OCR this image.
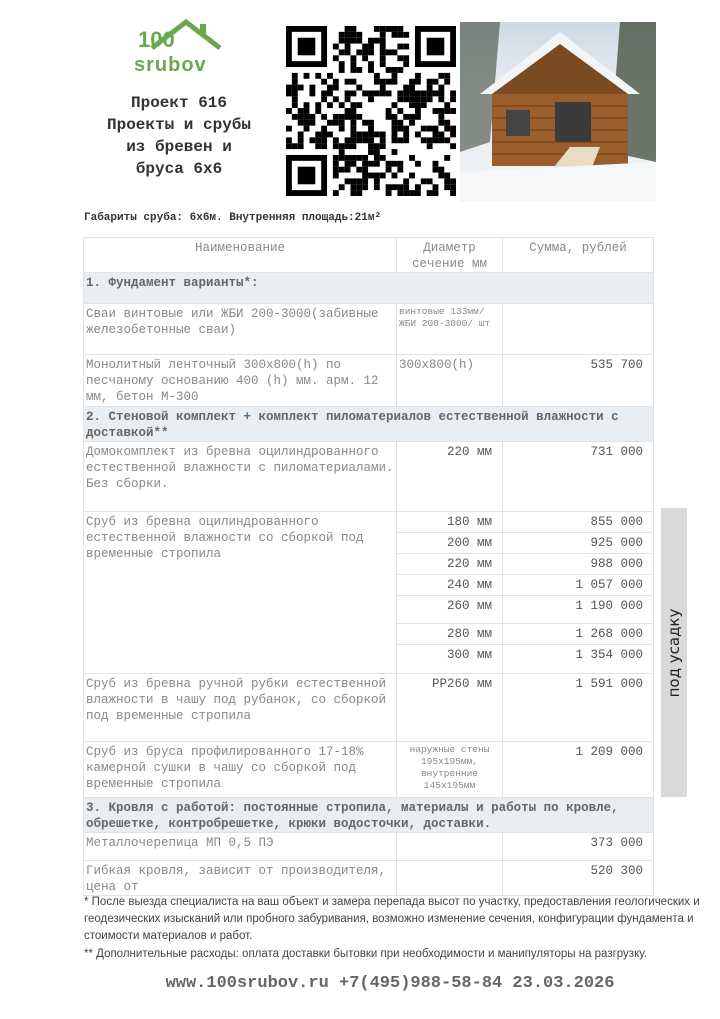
100
srubov
Проект 616
Проекты и срубы
из бревен и
бруса 6х6
Габариты сруба: 6х6м. Внутренняя площадь:21м²
Наименование	Диаметр сечение мм	Сумма, рублей
1. Фундамент варианты*:		
Сваи винтовые или ЖБИ 200-3000(забивные железобетонные сваи)	винтовые 133мм/ЖБИ 200-3000/ шт	
Монолитный ленточный 300х800(h) по песчаному основанию 400 (h) мм. арм. 12 мм, бетон М-300	300х800(h)	535 700
2. Стеновой комплект + комплект пиломатериалов естественной влажности с доставкой**		
Домокомплект из бревна оцилиндрованного естественной влажности с пиломатериалами. Без сборки.	220 мм	731 000
Сруб из бревна оцилиндрованного естественной влажности со сборкой под временные стропила	180 мм	855 000
	200 мм	925 000
	220 мм	988 000
	240 мм	1 057 000
	260 мм	1 190 000
	280 мм	1 268 000
	300 мм	1 354 000
Сруб из бревна ручной рубки естественной влажности в чашу под рубанок, со сборкой под временные стропила	РР260 мм	1 591 000
Сруб из бруса профилированного 17-18% камерной сушки в чашу со сборкой под временные стропила	наружные стены 195х195мм, внутренние 145х195мм	1 209 000
3. Кровля с работой: постоянные стропила, материалы и работы по кровле, обрешетке, контробрешетке, крюки водосточки, доставки.		
Металлочерепица МП 0,5 ПЭ		373 000
Гибкая кровля, зависит от производителя, цена от		520 300
под усадку
* После выезда специалиста на ваш объект и замера перепада высот по участку, предоставления геологических и геодезических изысканий или пробного забуривания, возможно изменение сечения, конфигурации фундамента и стоимости материалов и работ.
** Дополнительные расходы: оплата доставки бытовки при необходимости и манипуляторы на разгрузку.
www.100srubov.ru +7(495)988-58-84 23.03.2026
